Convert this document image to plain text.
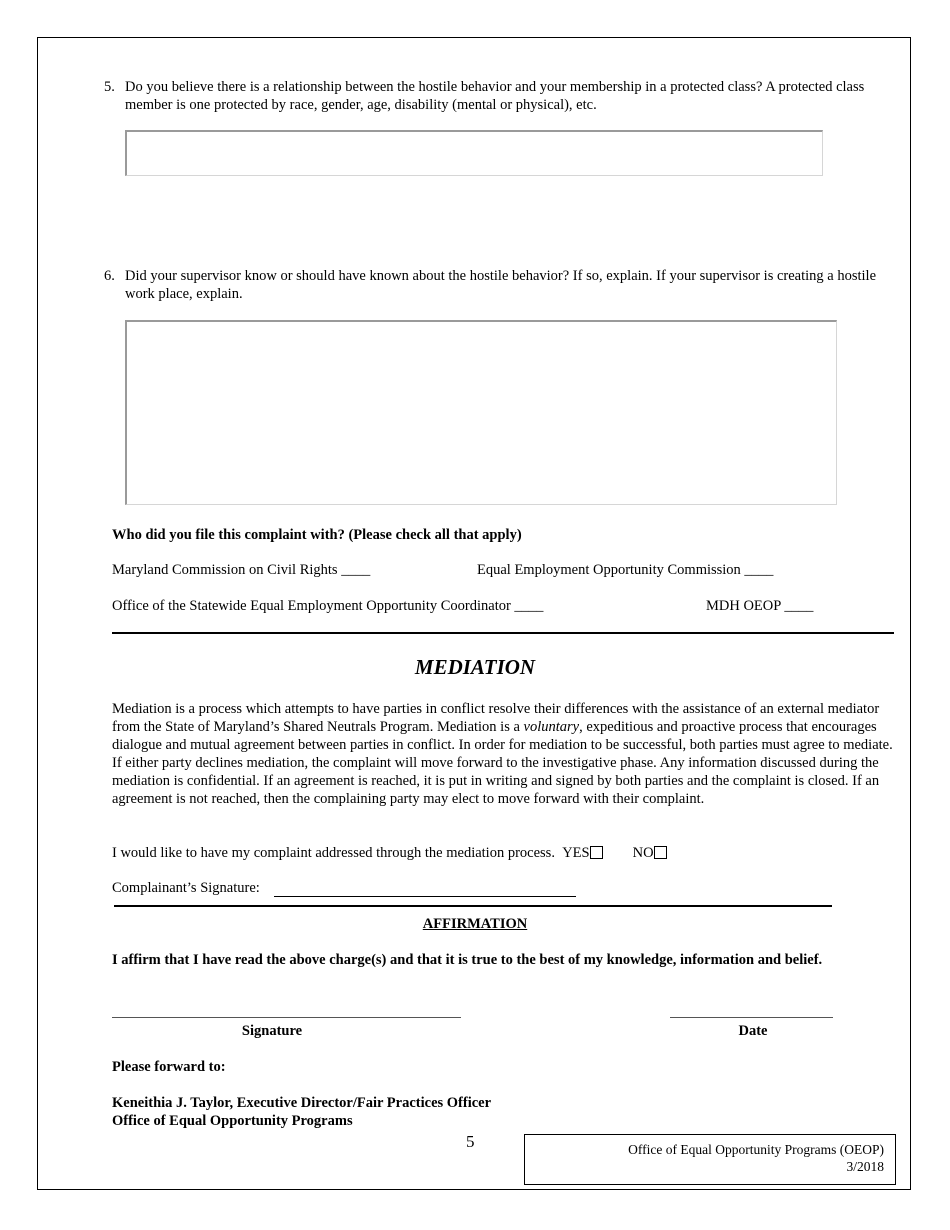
5. Do you believe there is a relationship between the hostile behavior and your membership in a protected class? A protected class member is one protected by race, gender, age, disability (mental or physical), etc.
6. Did your supervisor know or should have known about the hostile behavior? If so, explain. If your supervisor is creating a hostile work place, explain.
Who did you file this complaint with? (Please check all that apply)
Maryland Commission on Civil Rights ____	Equal Employment Opportunity Commission ____
Office of the Statewide Equal Employment Opportunity Coordinator ____	MDH OEOP ____
MEDIATION
Mediation is a process which attempts to have parties in conflict resolve their differences with the assistance of an external mediator from the State of Maryland’s Shared Neutrals Program. Mediation is a voluntary, expeditious and proactive process that encourages dialogue and mutual agreement between parties in conflict. In order for mediation to be successful, both parties must agree to mediate. If either party declines mediation, the complaint will move forward to the investigative phase. Any information discussed during the mediation is confidential. If an agreement is reached, it is put in writing and signed by both parties and the complaint is closed. If an agreement is not reached, then the complaining party may elect to move forward with their complaint.
I would like to have my complaint addressed through the mediation process. YES	NO
Complainant’s Signature:
AFFIRMATION
I affirm that I have read the above charge(s) and that it is true to the best of my knowledge, information and belief.
Signature	Date
Please forward to:
Keneithia J. Taylor, Executive Director/Fair Practices Officer
Office of Equal Opportunity Programs
5	Office of Equal Opportunity Programs (OEOP)
3/2018
